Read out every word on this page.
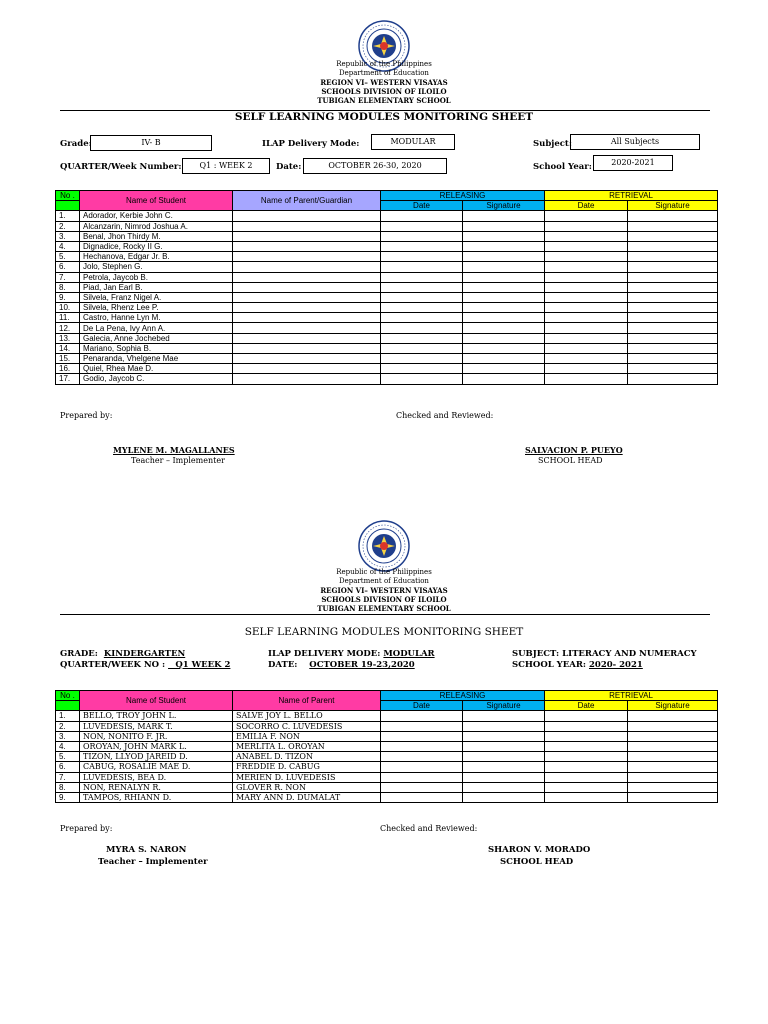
Republic of the Philippines
Department of Education
REGION VI– WESTERN VISAYAS
SCHOOLS DIVISION OF ILOILO
TUBIGAN ELEMENTARY SCHOOL
SELF LEARNING MODULES MONITORING SHEET
Grade:	IV- B	ILAP Delivery Mode:	MODULAR	Subject:	All Subjects
QUARTER/Week Number:	Q1 : WEEK 2	Date:	OCTOBER 26-30, 2020	School Year:	2020-2021
No .	Name of Student	Name of Parent/Guardian	RELEASING		RETRIEVAL	
			Date	Signature	Date	Signature
1.	Adorador, Kerbie John C.					
2.	Alcanzarin, Nimrod Joshua A.					
3.	Benal, Jhon Thirdy M.					
4.	Dignadice, Rocky II G.					
5.	Hechanova, Edgar Jr. B.					
6.	Jolo, Stephen G.					
7.	Petrola, Jaycob B.					
8.	Piad, Jan Earl B.					
9.	Silvela, Franz Nigel A.					
10.	Silvela, Rhenz Lee P.					
11.	Castro, Hanne Lyn M.					
12.	De La Pena, Ivy Ann A.					
13.	Galecia, Anne Jochebed					
14.	Mariano, Sophia B.					
15.	Penaranda, Vhelgene Mae					
16.	Quiel, Rhea Mae D.					
17.	Godio, Jaycob C.					
Prepared by:	Checked and Reviewed:
MYLENE M. MAGALLANES
Teacher – Implementer
SALVACION P. PUEYO
SCHOOL HEAD
Republic of the Philippines
Department of Education
REGION VI– WESTERN VISAYAS
SCHOOLS DIVISION OF ILOILO
TUBIGAN ELEMENTARY SCHOOL
SELF LEARNING MODULES MONITORING SHEET
GRADE: KINDERGARTEN
QUARTER/WEEK NO : _ Q1 WEEK 2
ILAP DELIVERY MODE: MODULAR
DATE: OCTOBER 19-23,2020
SUBJECT: LITERACY AND NUMERACY
SCHOOL YEAR: 2020- 2021
No .	Name of Student	Name of Parent	RELEASING		RETRIEVAL	
			Date	Signature	Date	Signature
1.	BELLO, TROY JOHN L.	SALVE JOY L. BELLO				
2.	LUVEDESIS, MARK T.	SOCORRO C. LUVEDESIS				
3.	NON, NONITO F. JR.	EMILIA F. NON				
4.	OROYAN, JOHN MARK L.	MERLITA L. OROYAN				
5.	TIZON, LLYOD JAREID D.	ANABEL D. TIZON				
6.	CABUG, ROSALIE MAE D.	FREDDIE D. CABUG				
7.	LUVEDESIS, BEA D.	MERIEN D. LUVEDESIS				
8.	NON, RENALYN R.	GLOVER R. NON				
9.	TAMPOS, RHIANN D.	MARY ANN D. DUMALAT				
Prepared by:	Checked and Reviewed:
MYRA S. NARON
Teacher – Implementer
SHARON V. MORADO
SCHOOL HEAD
